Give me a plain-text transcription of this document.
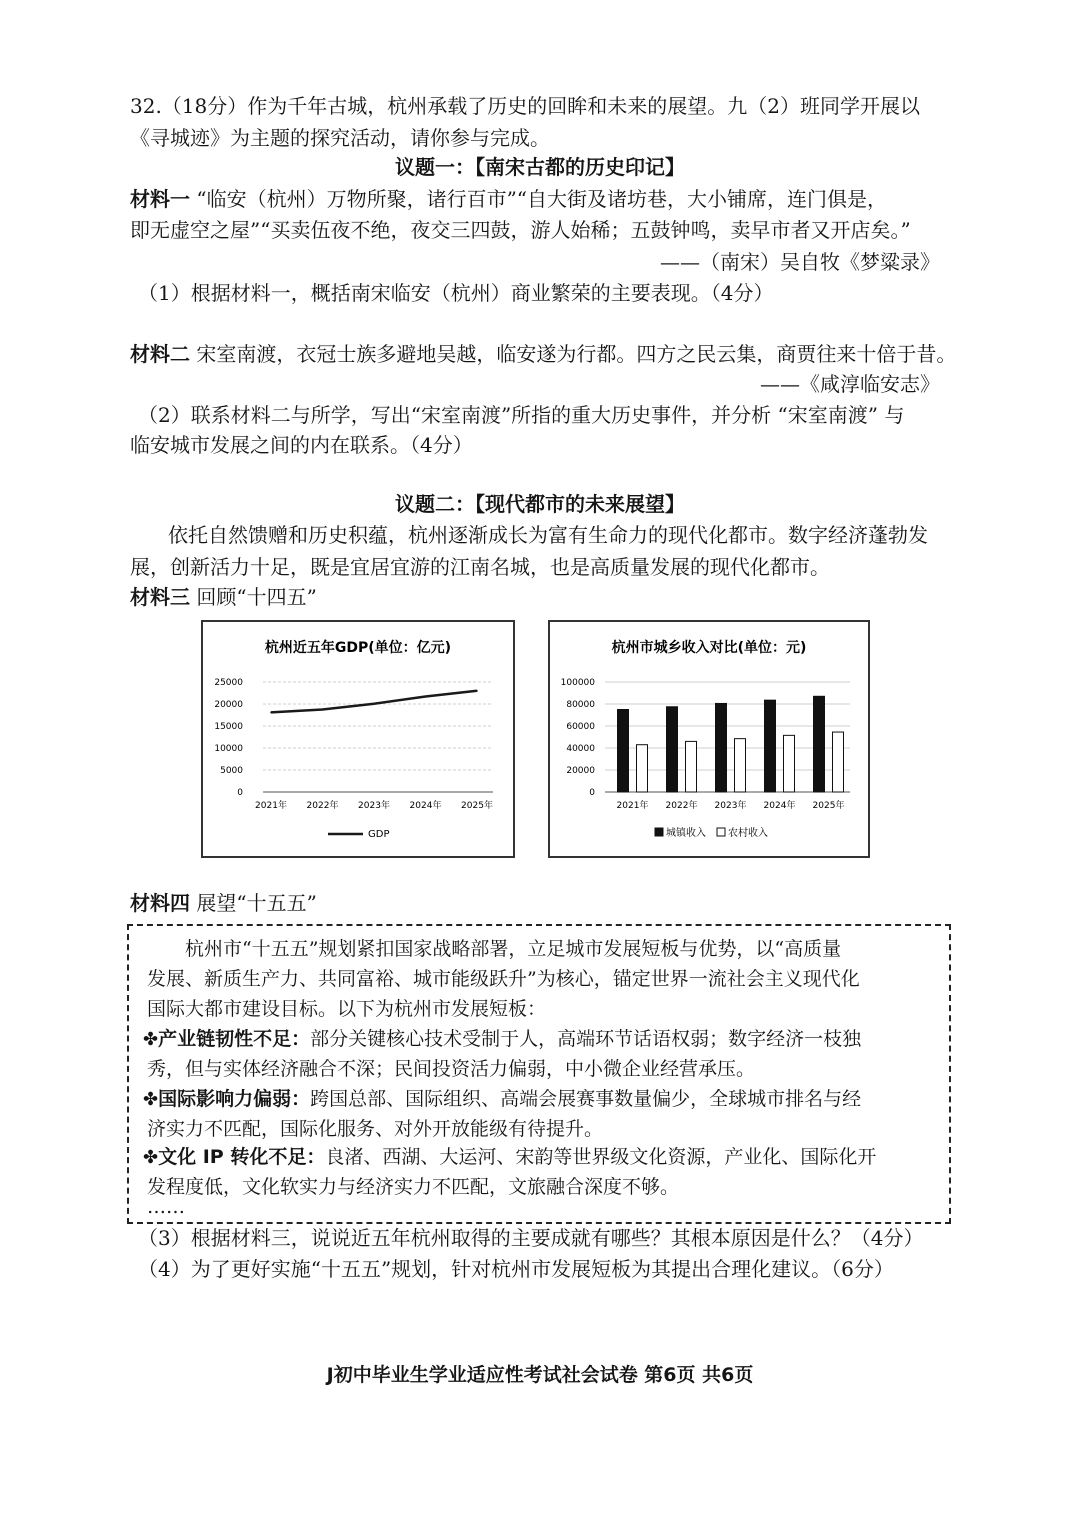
32.（18分）作为千年古城，杭州承载了历史的回眸和未来的展望。九（2）班同学开展以
《寻城迹》为主题的探究活动，请你参与完成。
议题一：【南宋古都的历史印记】
材料一 “临安（杭州）万物所聚，诸行百市”“自大街及诸坊巷，大小铺席，连门俱是，
即无虚空之屋”“买卖伍夜不绝，夜交三四鼓，游人始稀；五鼓钟鸣，卖早市者又开店矣。”
——（南宋）吴自牧《梦粱录》
（1）根据材料一，概括南宋临安（杭州）商业繁荣的主要表现。（4分）
材料二 宋室南渡，衣冠士族多避地吴越，临安遂为行都。四方之民云集，商贾往来十倍于昔。
——《咸淳临安志》
（2）联系材料二与所学，写出“宋室南渡”所指的重大历史事件，并分析 “宋室南渡” 与
临安城市发展之间的内在联系。（4分）
议题二：【现代都市的未来展望】
依托自然馈赠和历史积蕴，杭州逐渐成长为富有生命力的现代化都市。数字经济蓬勃发
展，创新活力十足，既是宜居宜游的江南名城，也是高质量发展的现代化都市。
材料三 回顾“十四五”
杭州近五年GDP(单位：亿元)
0
5000
10000
15000
20000
25000
2021年 2022年 2023年 2024年 2025年
GDP
杭州市城乡收入对比(单位：元)
0
20000
40000
60000
80000
100000
2021年 2022年 2023年 2024年 2025年
城镇收入 农村收入
材料四 展望“十五五”
杭州市“十五五”规划紧扣国家战略部署，立足城市发展短板与优势，以“高质量
发展、新质生产力、共同富裕、城市能级跃升”为核心，锚定世界一流社会主义现代化
国际大都市建设目标。以下为杭州市发展短板：
✤产业链韧性不足：部分关键核心技术受制于人，高端环节话语权弱；数字经济一枝独
秀，但与实体经济融合不深；民间投资活力偏弱，中小微企业经营承压。
✤国际影响力偏弱：跨国总部、国际组织、高端会展赛事数量偏少，全球城市排名与经
济实力不匹配，国际化服务、对外开放能级有待提升。
✤文化 IP 转化不足：良渚、西湖、大运河、宋韵等世界级文化资源，产业化、国际化开
发程度低，文化软实力与经济实力不匹配，文旅融合深度不够。
……
（3）根据材料三，说说近五年杭州取得的主要成就有哪些？其根本原因是什么？（4分）
（4）为了更好实施“十五五”规划，针对杭州市发展短板为其提出合理化建议。（6分）
J初中毕业生学业适应性考试社会试卷 第6页 共6页
